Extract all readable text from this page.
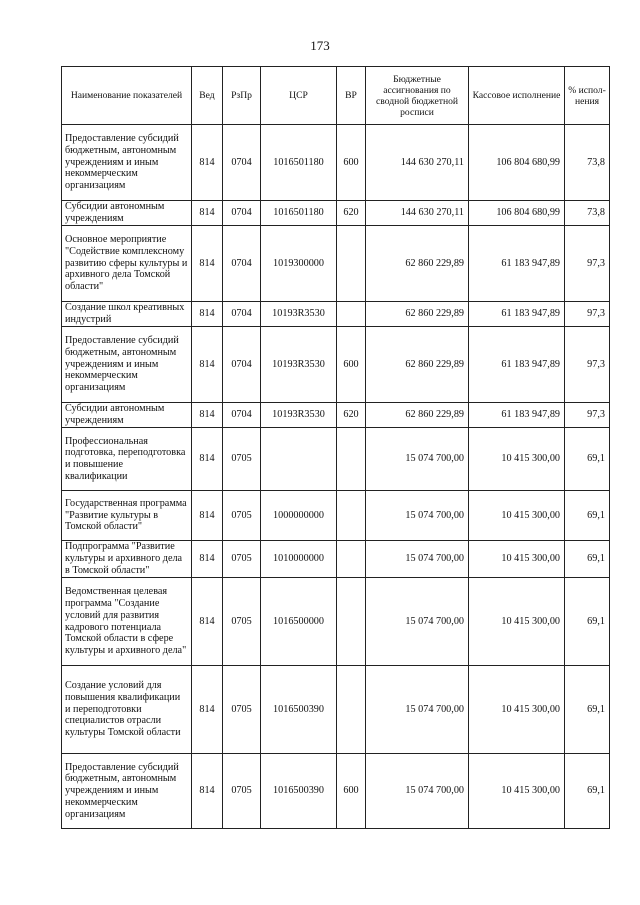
173
Наименование показателей	Вед	РзПр	ЦСР	ВР	Бюджетные ассигнования по сводной бюджетной росписи	Кассовое исполнение	% испол-нения
Предоставление субсидий бюджетным, автономным учреждениям и иным некоммерческим организациям	814	0704	1016501180	600	144 630 270,11	106 804 680,99	73,8
Субсидии автономным учреждениям	814	0704	1016501180	620	144 630 270,11	106 804 680,99	73,8
Основное мероприятие "Содействие комплексному развитию сферы культуры и архивного дела Томской области"	814	0704	1019300000		62 860 229,89	61 183 947,89	97,3
Создание школ креативных индустрий	814	0704	10193R3530		62 860 229,89	61 183 947,89	97,3
Предоставление субсидий бюджетным, автономным учреждениям и иным некоммерческим организациям	814	0704	10193R3530	600	62 860 229,89	61 183 947,89	97,3
Субсидии автономным учреждениям	814	0704	10193R3530	620	62 860 229,89	61 183 947,89	97,3
Профессиональная подготовка, переподготовка и повышение квалификации	814	0705			15 074 700,00	10 415 300,00	69,1
Государственная программа "Развитие культуры в Томской области"	814	0705	1000000000		15 074 700,00	10 415 300,00	69,1
Подпрограмма "Развитие культуры и архивного дела в Томской области"	814	0705	1010000000		15 074 700,00	10 415 300,00	69,1
Ведомственная целевая программа "Создание условий для развития кадрового потенциала Томской области в сфере культуры и архивного дела"	814	0705	1016500000		15 074 700,00	10 415 300,00	69,1
Создание условий для повышения квалификации и переподготовки специалистов отрасли культуры Томской области	814	0705	1016500390		15 074 700,00	10 415 300,00	69,1
Предоставление субсидий бюджетным, автономным учреждениям и иным некоммерческим организациям	814	0705	1016500390	600	15 074 700,00	10 415 300,00	69,1
